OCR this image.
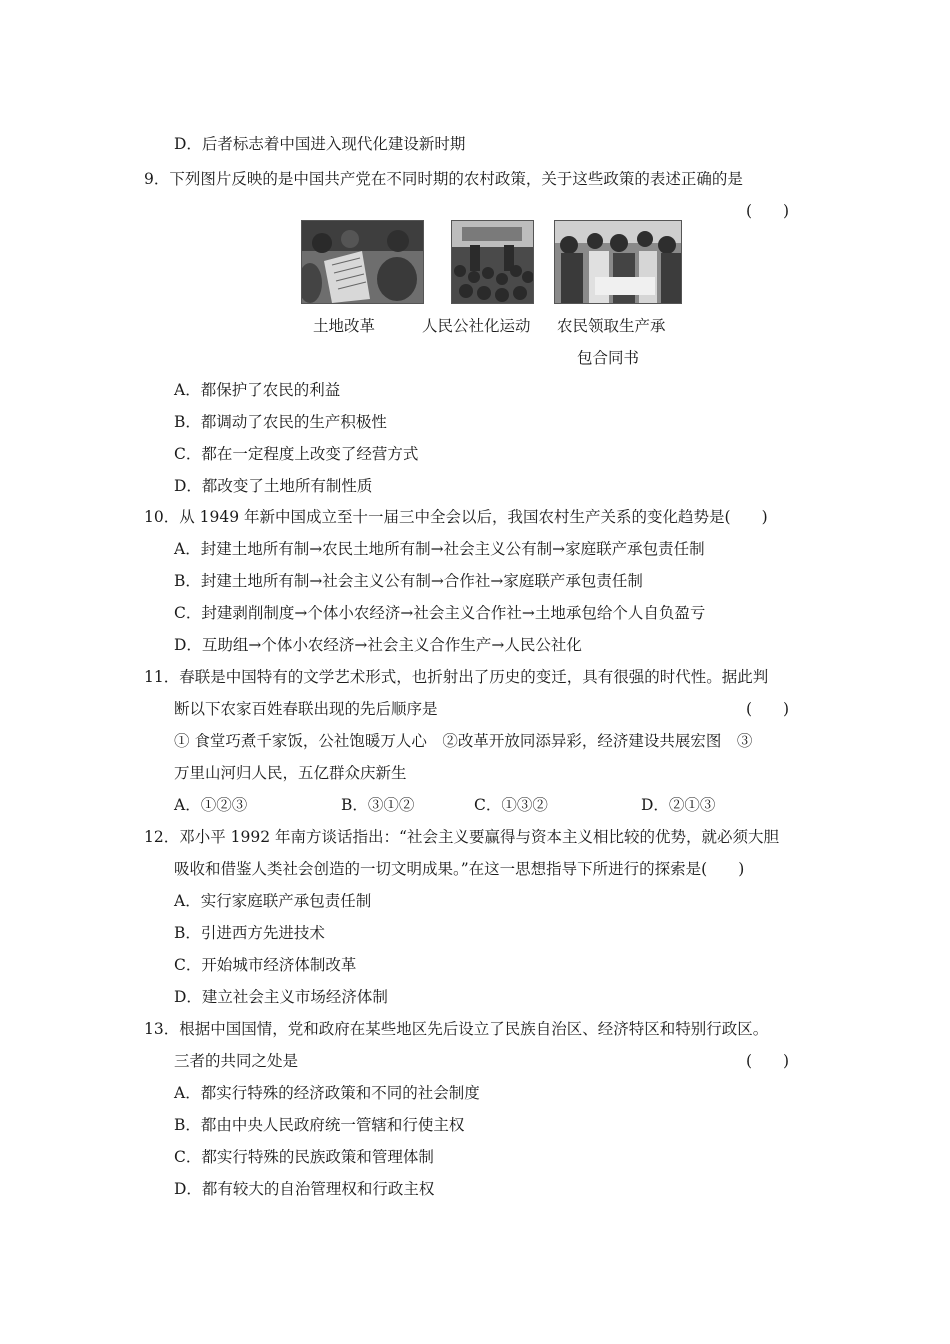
D．后者标志着中国进入现代化建设新时期
9．下列图片反映的是中国共产党在不同时期的农村政策，关于这些政策的表述正确的是
(　　)
土地改革	人民公社化运动 农民领取生产承
包合同书
A．都保护了农民的利益
B．都调动了农民的生产积极性
C．都在一定程度上改变了经营方式
D．都改变了土地所有制性质
10．从 1949 年新中国成立至十一届三中全会以后，我国农村生产关系的变化趋势是(　　)
A．封建土地所有制→农民土地所有制→社会主义公有制→家庭联产承包责任制
B．封建土地所有制→社会主义公有制→合作社→家庭联产承包责任制
C．封建剥削制度→个体小农经济→社会主义合作社→土地承包给个人自负盈亏
D．互助组→个体小农经济→社会主义合作生产→人民公社化
11．春联是中国特有的文学艺术形式，也折射出了历史的变迁，具有很强的时代性。据此判
断以下农家百姓春联出现的先后顺序是	(　　)
① 食堂巧煮千家饭，公社饱暖万人心　②改革开放同添异彩，经济建设共展宏图　③
万里山河归人民，五亿群众庆新生
A．①②③	B．③①②	C．①③②	D．②①③
12．邓小平 1992 年南方谈话指出：“社会主义要赢得与资本主义相比较的优势，就必须大胆
吸收和借鉴人类社会创造的一切文明成果。”在这一思想指导下所进行的探索是(　　)
A．实行家庭联产承包责任制
B．引进西方先进技术
C．开始城市经济体制改革
D．建立社会主义市场经济体制
13．根据中国国情，党和政府在某些地区先后设立了民族自治区、经济特区和特别行政区。
三者的共同之处是	(　　)
A．都实行特殊的经济政策和不同的社会制度
B．都由中央人民政府统一管辖和行使主权
C．都实行特殊的民族政策和管理体制
D．都有较大的自治管理权和行政主权
